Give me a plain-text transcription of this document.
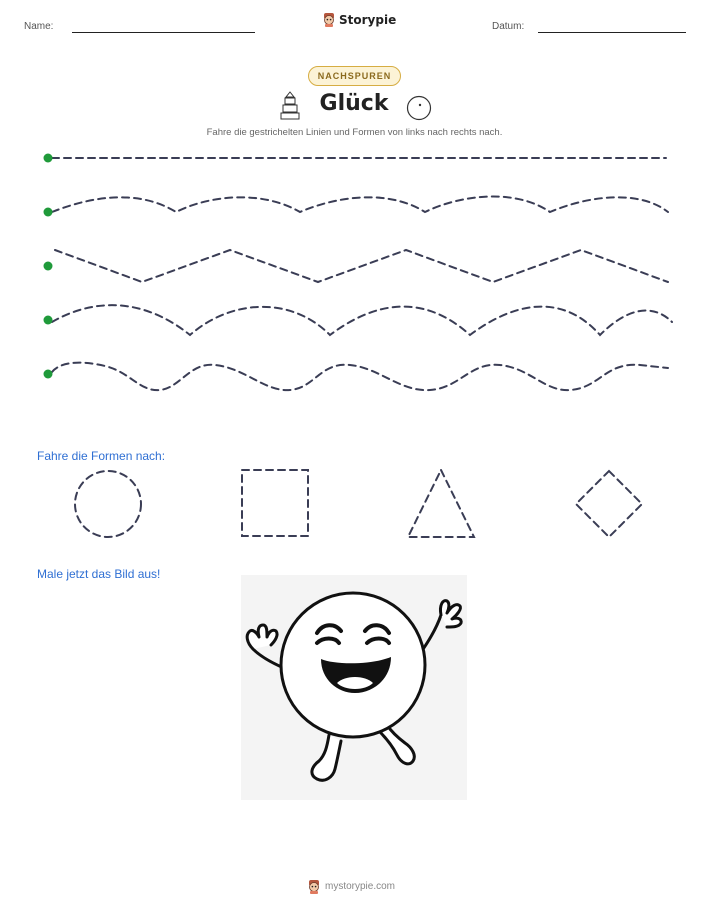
Name:	Storypie	Datum:
NACHSPUREN
Glück
Fahre die gestrichelten Linien und Formen von links nach rechts nach.
Fahre die Formen nach:
Male jetzt das Bild aus!
mystorypie.com
